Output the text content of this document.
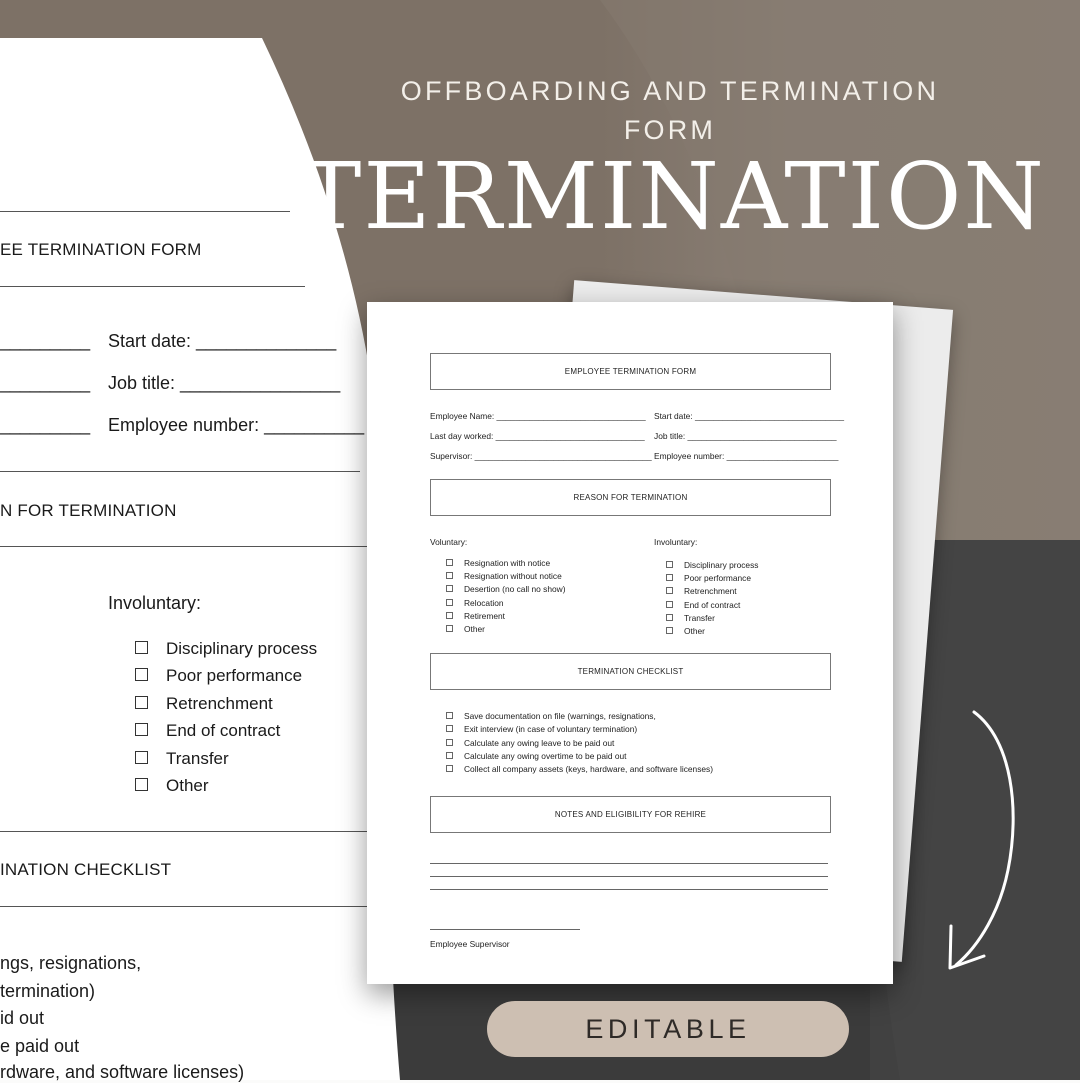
EE TERMINATION FORM
_________ Start date: ______________
_________ Job title: ________________
_________ Employee number: __________
N FOR TERMINATION
Involuntary:
Disciplinary process
Poor performance
Retrenchment
End of contract
Transfer
Other
INATION CHECKLIST
ngs, resignations,
termination)
id out
e paid out
rdware, and software licenses)
OFFBOARDING AND TERMINATION FORM
TERMINATION
EMPLOYEE TERMINATION FORM
Employee Name: ________________________________ Start date: ________________________________
Last day worked: ________________________________ Job title: ________________________________
Supervisor: ______________________________________ Employee number: ________________________
REASON FOR TERMINATION
Voluntary:	Involuntary:
Resignation with notice
Resignation without notice
Desertion (no call no show)
Relocation
Retirement
Other
Disciplinary process
Poor performance
Retrenchment
End of contract
Transfer
Other
TERMINATION CHECKLIST
Save documentation on file (warnings, resignations,
Exit interview (in case of voluntary termination)
Calculate any owing leave to be paid out
Calculate any owing overtime to be paid out
Collect all company assets (keys, hardware, and software licenses)
NOTES AND ELIGIBILITY FOR REHIRE
Employee Supervisor
EDITABLE
